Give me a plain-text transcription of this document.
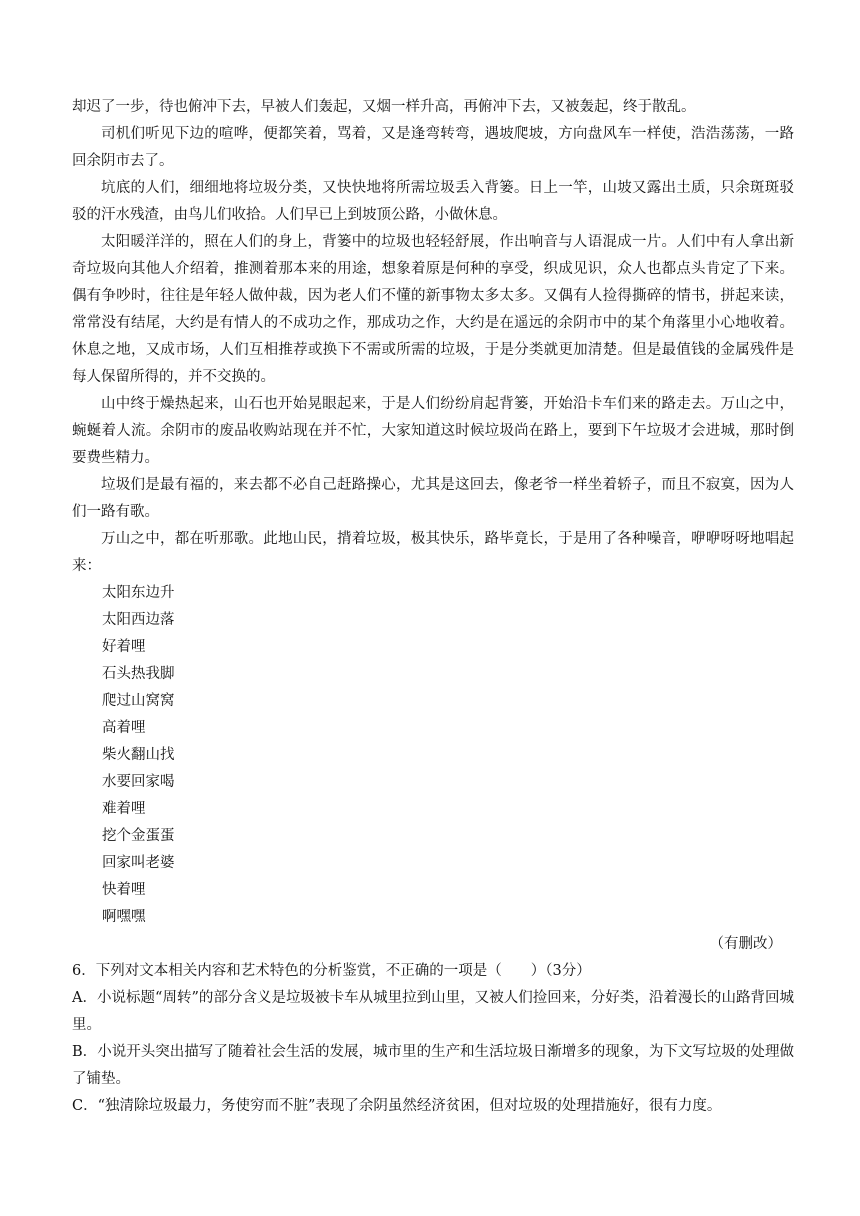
却迟了一步，待也俯冲下去，早被人们轰起，又烟一样升高，再俯冲下去，又被轰起，终于散乱。

司机们听见下边的喧哗，便都笑着，骂着，又是逢弯转弯，遇坡爬坡，方向盘风车一样使，浩浩荡荡，一路回余阴市去了。

坑底的人们，细细地将垃圾分类，又快快地将所需垃圾丢入背篓。日上一竿，山坡又露出土质，只余斑斑驳驳的汗水残渣，由鸟儿们收拾。人们早已上到坡顶公路，小做休息。

太阳暖洋洋的，照在人们的身上，背篓中的垃圾也轻轻舒展，作出响音与人语混成一片。人们中有人拿出新奇垃圾向其他人介绍着，推测着那本来的用途，想象着原是何种的享受，织成见识，众人也都点头肯定了下来。偶有争吵时，往往是年轻人做仲裁，因为老人们不懂的新事物太多太多。又偶有人捡得撕碎的情书，拼起来读，常常没有结尾，大约是有情人的不成功之作，那成功之作，大约是在遥远的余阴市中的某个角落里小心地收着。休息之地，又成市场，人们互相推荐或换下不需或所需的垃圾，于是分类就更加清楚。但是最值钱的金属残件是每人保留所得的，并不交换的。

山中终于燥热起来，山石也开始晃眼起来，于是人们纷纷肩起背篓，开始沿卡车们来的路走去。万山之中，蜿蜒着人流。余阴市的废品收购站现在并不忙，大家知道这时候垃圾尚在路上，要到下午垃圾才会进城，那时倒要费些精力。

垃圾们是最有福的，来去都不必自己赶路操心，尤其是这回去，像老爷一样坐着轿子，而且不寂寞，因为人们一路有歌。

万山之中，都在听那歌。此地山民，揹着垃圾，极其快乐，路毕竟长，于是用了各种噪音，咿咿呀呀地唱起来：

太阳东边升
太阳西边落
好着哩
石头热我脚
爬过山窝窝
高着哩
柴火翻山找
水要回家喝
难着哩
挖个金蛋蛋
回家叫老婆
快着哩
啊嘿嘿

（有删改）

6．下列对文本相关内容和艺术特色的分析鉴赏，不正确的一项是（　　）（3分）

A．小说标题“周转”的部分含义是垃圾被卡车从城里拉到山里，又被人们捡回来，分好类，沿着漫长的山路背回城里。

B．小说开头突出描写了随着社会生活的发展，城市里的生产和生活垃圾日渐增多的现象，为下文写垃圾的处理做了铺垫。

C．“独清除垃圾最力，务使穷而不脏”表现了余阴虽然经济贫困，但对垃圾的处理措施好，很有力度。
